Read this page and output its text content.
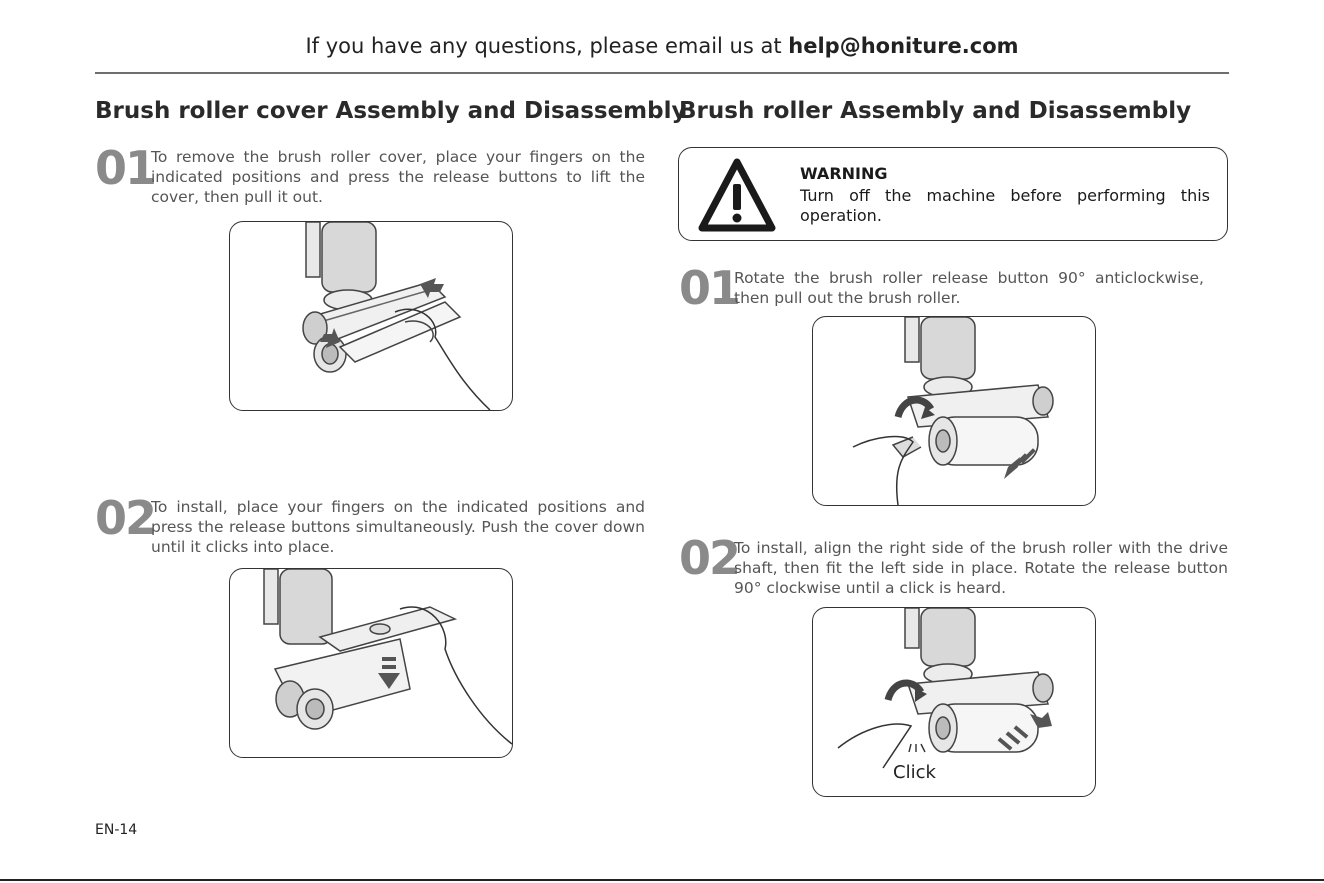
If you have any questions, please email us at help@honiture.com
Brush roller cover Assembly and Disassembly
01
To remove the brush roller cover, place your fingers on the indicated positions and press the release buttons to lift the cover, then pull it out.
02
To install, place your fingers on the indicated positions and press the release buttons simultaneously. Push the cover down until it clicks into place.
Brush roller Assembly and Disassembly
WARNING
Turn off the machine before performing this operation.
01
Rotate the brush roller release button 90° anticlockwise, then pull out the brush roller.
02
To install, align the right side of the brush roller with the drive shaft, then fit the left side in place. Rotate the release button 90° clockwise until a click is heard.
Click
EN-14
